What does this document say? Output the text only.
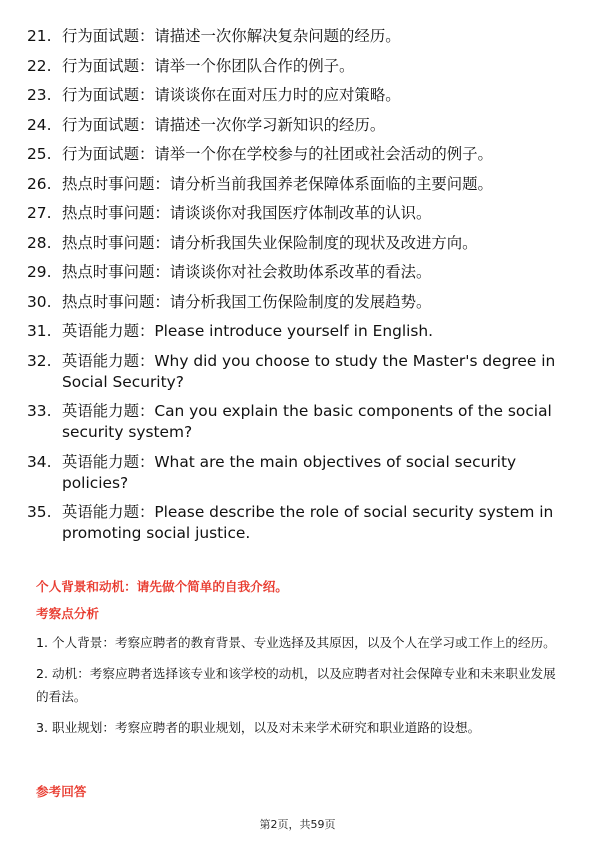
21. 行为面试题：请描述一次你解决复杂问题的经历。
22. 行为面试题：请举一个你团队合作的例子。
23. 行为面试题：请谈谈你在面对压力时的应对策略。
24. 行为面试题：请描述一次你学习新知识的经历。
25. 行为面试题：请举一个你在学校参与的社团或社会活动的例子。
26. 热点时事问题：请分析当前我国养老保障体系面临的主要问题。
27. 热点时事问题：请谈谈你对我国医疗体制改革的认识。
28. 热点时事问题：请分析我国失业保险制度的现状及改进方向。
29. 热点时事问题：请谈谈你对社会救助体系改革的看法。
30. 热点时事问题：请分析我国工伤保险制度的发展趋势。
31. 英语能力题：Please introduce yourself in English.
32. 英语能力题：Why did you choose to study the Master's degree in Social Security?
33. 英语能力题：Can you explain the basic components of the social security system?
34. 英语能力题：What are the main objectives of social security policies?
35. 英语能力题：Please describe the role of social security system in promoting social justice.

个人背景和动机：请先做个简单的自我介绍。

考察点分析

1. 个人背景：考察应聘者的教育背景、专业选择及其原因，以及个人在学习或工作上的经历。

2. 动机：考察应聘者选择该专业和该学校的动机，以及应聘者对社会保障专业和未来职业发展的看法。

3. 职业规划：考察应聘者的职业规划，以及对未来学术研究和职业道路的设想。

参考回答

第2页，共59页
